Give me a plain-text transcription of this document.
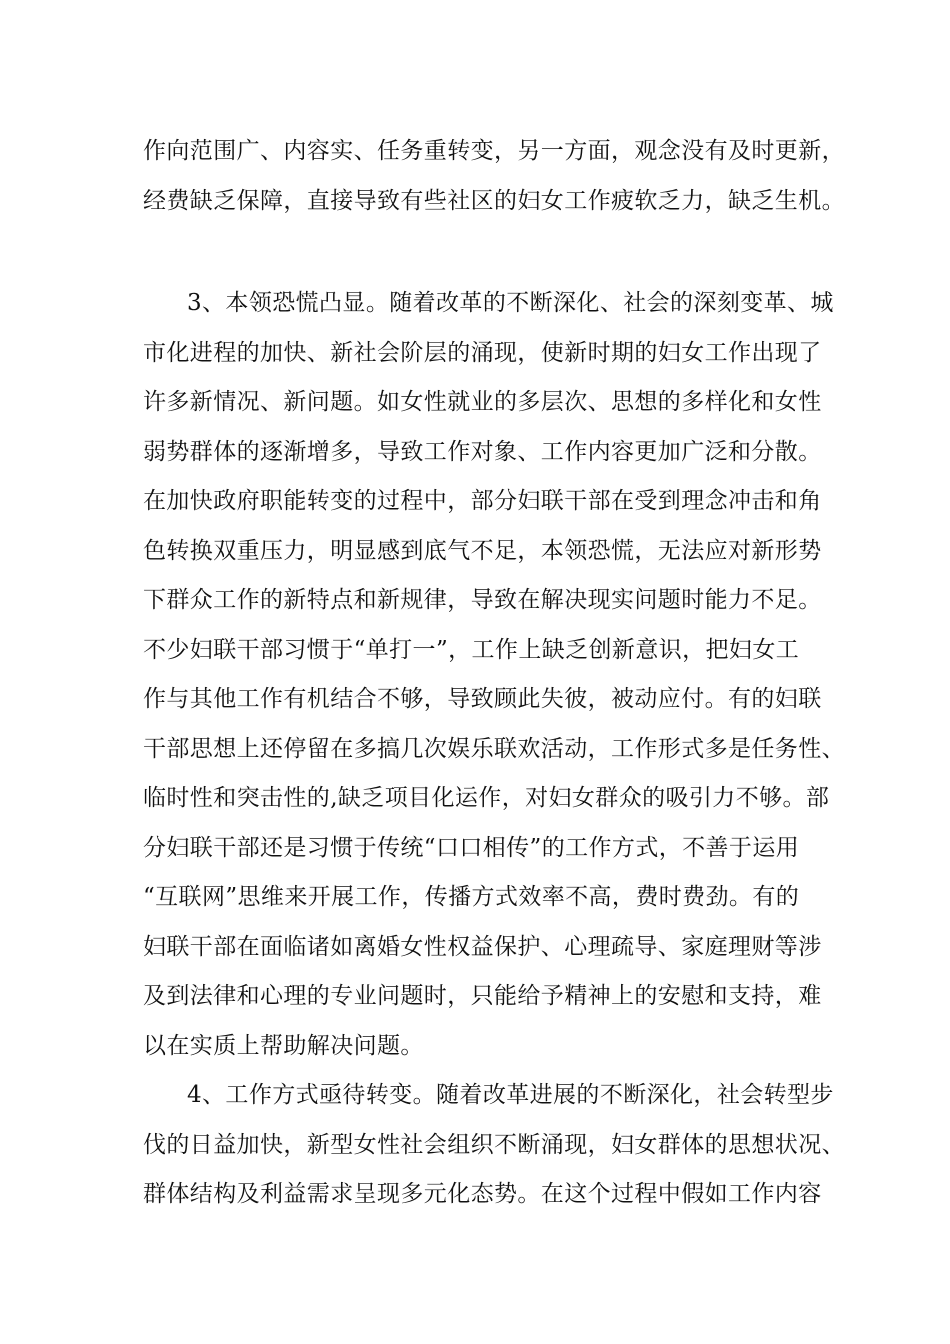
作向范围广、内容实、任务重转变，另一方面，观念没有及时更新，
经费缺乏保障，直接导致有些社区的妇女工作疲软乏力，缺乏生机。
3、本领恐慌凸显。随着改革的不断深化、社会的深刻变革、城
市化进程的加快、新社会阶层的涌现，使新时期的妇女工作出现了
许多新情况、新问题。如女性就业的多层次、思想的多样化和女性
弱势群体的逐渐增多，导致工作对象、工作内容更加广泛和分散。
在加快政府职能转变的过程中，部分妇联干部在受到理念冲击和角
色转换双重压力，明显感到底气不足，本领恐慌，无法应对新形势
下群众工作的新特点和新规律，导致在解决现实问题时能力不足。
不少妇联干部习惯于“单打一”，工作上缺乏创新意识，把妇女工
作与其他工作有机结合不够，导致顾此失彼，被动应付。有的妇联
干部思想上还停留在多搞几次娱乐联欢活动，工作形式多是任务性、
临时性和突击性的,缺乏项目化运作，对妇女群众的吸引力不够。部
分妇联干部还是习惯于传统“口口相传”的工作方式，不善于运用
“互联网”思维来开展工作，传播方式效率不高，费时费劲。有的
妇联干部在面临诸如离婚女性权益保护、心理疏导、家庭理财等涉
及到法律和心理的专业问题时，只能给予精神上的安慰和支持，难
以在实质上帮助解决问题。
4、工作方式亟待转变。随着改革进展的不断深化，社会转型步
伐的日益加快，新型女性社会组织不断涌现，妇女群体的思想状况、
群体结构及利益需求呈现多元化态势。在这个过程中假如工作内容
